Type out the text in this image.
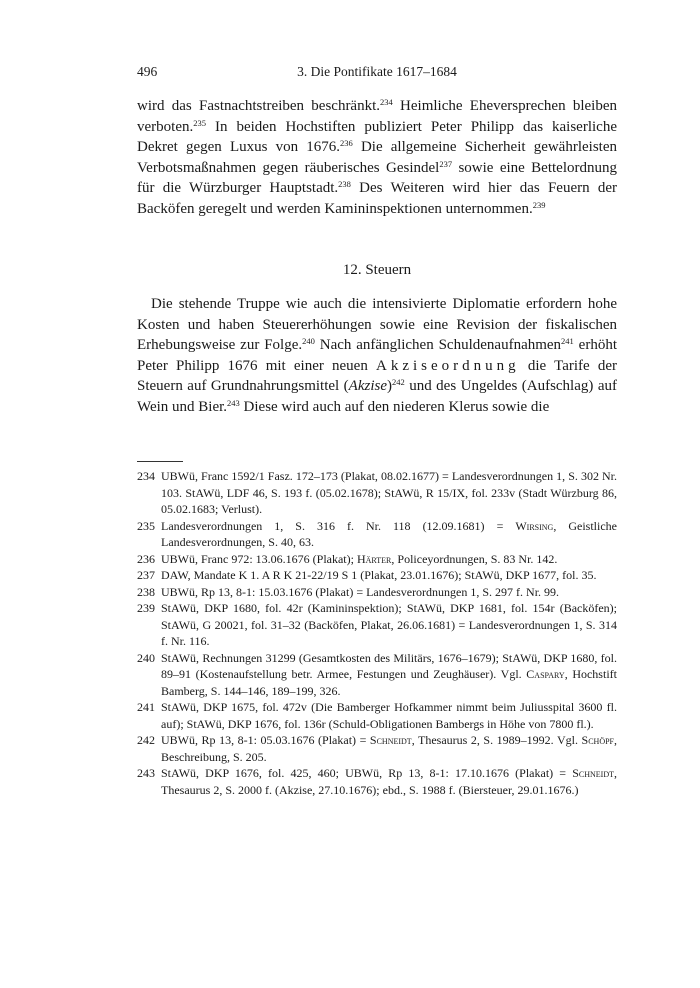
496	3. Die Pontifikate 1617–1684

wird das Fastnachtstreiben beschränkt.$^{234}$ Heimliche Eheversprechen bleiben verboten.$^{235}$ In beiden Hochstiften publiziert Peter Philipp das kaiserliche Dekret gegen Luxus von 1676.$^{236}$ Die allgemeine Sicherheit gewährleisten Verbotsmaßnahmen gegen räuberisches Gesindel$^{237}$ sowie eine Bettelordnung für die Würzburger Hauptstadt.$^{238}$ Des Weiteren wird hier das Feuern der Backöfen geregelt und werden Kamininspektionen unternommen.$^{239}$

12. Steuern

Die stehende Truppe wie auch die intensivierte Diplomatie erfordern hohe Kosten und haben Steuererhöhungen sowie eine Revision der fiskalischen Erhebungsweise zur Folge.$^{240}$ Nach anfänglichen Schuldenaufnahmen$^{241}$ erhöht Peter Philipp 1676 mit einer neuen Akziseordnung die Tarife der Steuern auf Grundnahrungsmittel (Akzise)$^{242}$ und des Ungeldes (Aufschlag) auf Wein und Bier.$^{243}$ Diese wird auch auf den niederen Klerus sowie die

234 UBWü, Franc 1592/1 Fasz. 172–173 (Plakat, 08.02.1677) = Landesverordnungen 1, S. 302 Nr. 103. StAWü, LDF 46, S. 193 f. (05.02.1678); StAWü, R 15/IX, fol. 233v (Stadt Würzburg 86, 05.02.1683; Verlust).
235 Landesverordnungen 1, S. 316 f. Nr. 118 (12.09.1681) = Wirsing, Geistliche Landesverordnungen, S. 40, 63.
236 UBWü, Franc 972: 13.06.1676 (Plakat); Härter, Policeyordnungen, S. 83 Nr. 142.
237 DAW, Mandate K 1. A R K 21-22/19 S 1 (Plakat, 23.01.1676); StAWü, DKP 1677, fol. 35.
238 UBWü, Rp 13, 8-1: 15.03.1676 (Plakat) = Landesverordnungen 1, S. 297 f. Nr. 99.
239 StAWü, DKP 1680, fol. 42r (Kamininspektion); StAWü, DKP 1681, fol. 154r (Backöfen); StAWü, G 20021, fol. 31–32 (Backöfen, Plakat, 26.06.1681) = Landesverordnungen 1, S. 314 f. Nr. 116.
240 StAWü, Rechnungen 31299 (Gesamtkosten des Militärs, 1676–1679); StAWü, DKP 1680, fol. 89–91 (Kostenaufstellung betr. Armee, Festungen und Zeughäuser). Vgl. Caspary, Hochstift Bamberg, S. 144–146, 189–199, 326.
241 StAWü, DKP 1675, fol. 472v (Die Bamberger Hofkammer nimmt beim Juliusspital 3600 fl. auf); StAWü, DKP 1676, fol. 136r (Schuld-Obligationen Bambergs in Höhe von 7800 fl.).
242 UBWü, Rp 13, 8-1: 05.03.1676 (Plakat) = Schneidt, Thesaurus 2, S. 1989–1992. Vgl. Schöpf, Beschreibung, S. 205.
243 StAWü, DKP 1676, fol. 425, 460; UBWü, Rp 13, 8-1: 17.10.1676 (Plakat) = Schneidt, Thesaurus 2, S. 2000 f. (Akzise, 27.10.1676); ebd., S. 1988 f. (Biersteuer, 29.01.1676.)
